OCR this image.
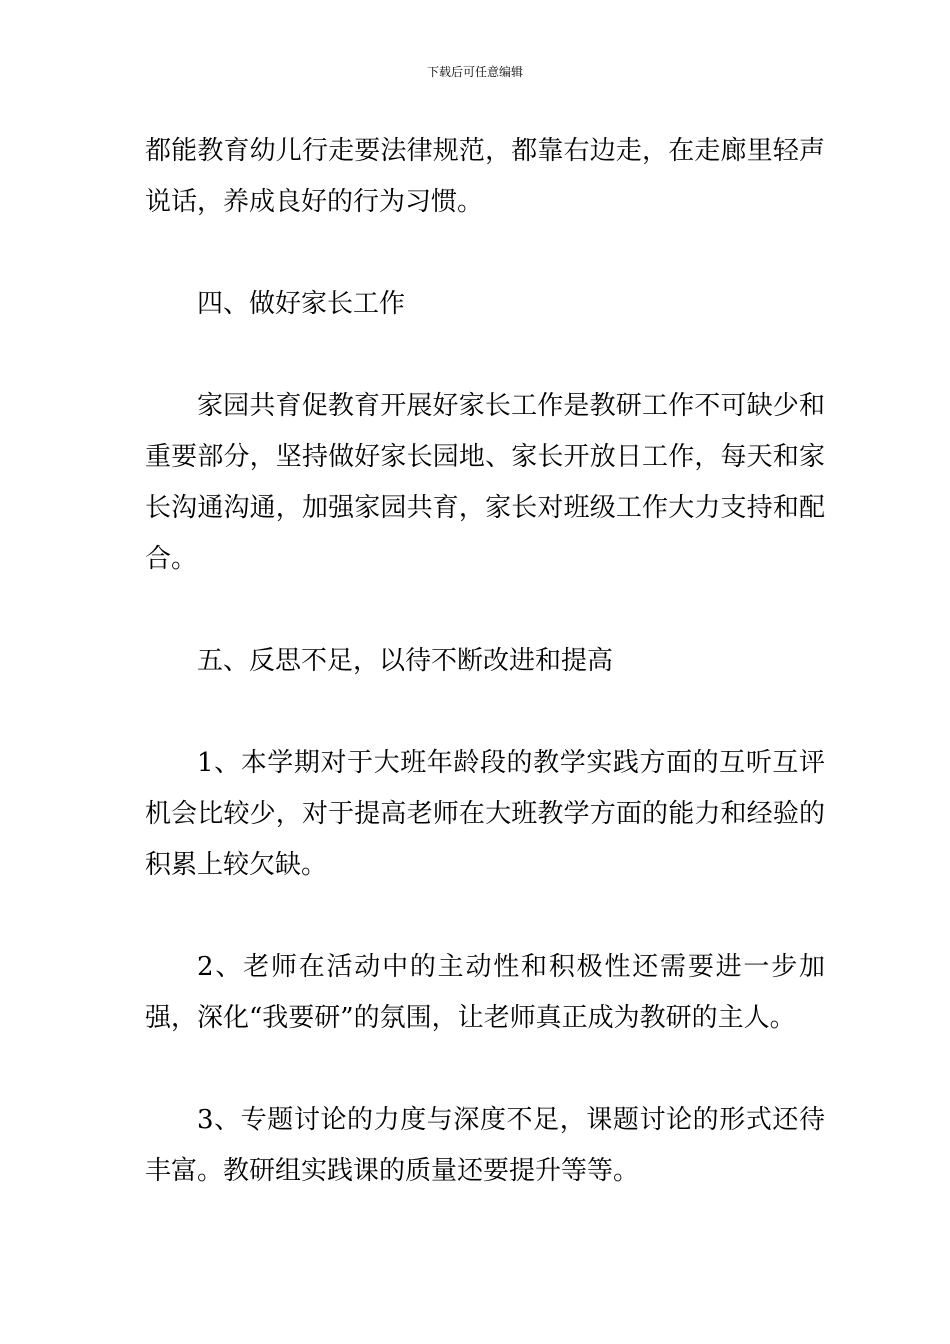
下载后可任意编辑

都能教育幼儿行走要法律规范，都靠右边走，在走廊里轻声说话，养成良好的行为习惯。

四、做好家长工作

家园共育促教育开展好家长工作是教研工作不可缺少和重要部分，坚持做好家长园地、家长开放日工作，每天和家长沟通沟通，加强家园共育，家长对班级工作大力支持和配合。

五、反思不足，以待不断改进和提高

1、本学期对于大班年龄段的教学实践方面的互听互评机会比较少，对于提高老师在大班教学方面的能力和经验的积累上较欠缺。

2、老师在活动中的主动性和积极性还需要进一步加强，深化“我要研”的氛围，让老师真正成为教研的主人。

3、专题讨论的力度与深度不足，课题讨论的形式还待丰富。教研组实践课的质量还要提升等等。
